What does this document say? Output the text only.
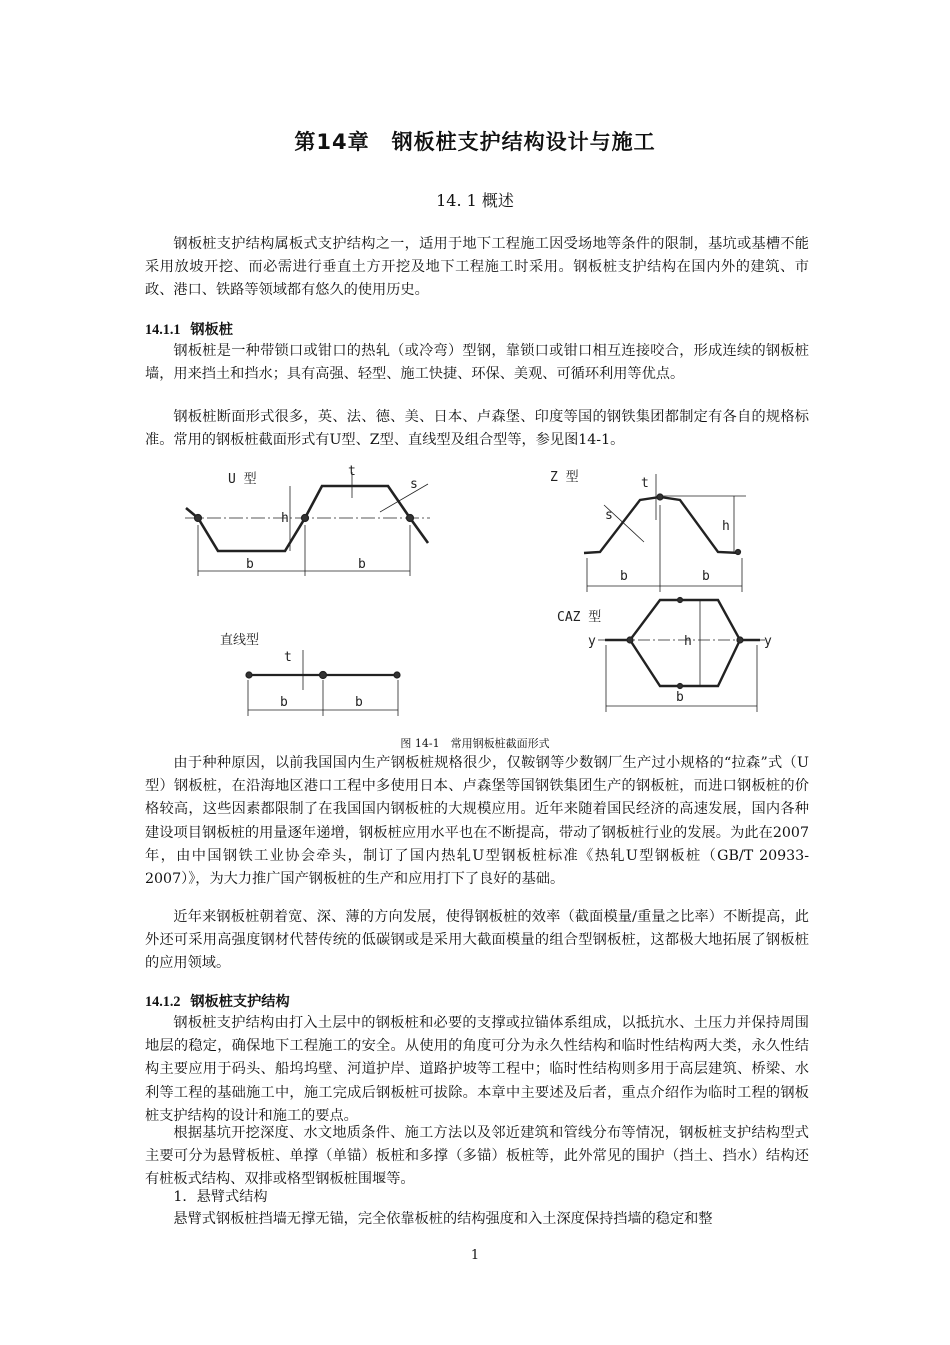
第14章　钢板桩支护结构设计与施工
14. 1 概述

钢板桩支护结构属板式支护结构之一，适用于地下工程施工因受场地等条件的限制，基坑或基槽不能采用放坡开挖、而必需进行垂直土方开挖及地下工程施工时采用。钢板桩支护结构在国内外的建筑、市政、港口、铁路等领域都有悠久的使用历史。

14.1.1 钢板桩

钢板桩是一种带锁口或钳口的热轧（或冷弯）型钢，靠锁口或钳口相互连接咬合，形成连续的钢板桩墙，用来挡土和挡水；具有高强、轻型、施工快捷、环保、美观、可循环利用等优点。

钢板桩断面形式很多，英、法、德、美、日本、卢森堡、印度等国的钢铁集团都制定有各自的规格标准。常用的钢板桩截面形式有U型、Z型、直线型及组合型等，参见图14-1。

U 型
t
s
h
b	b
Z 型	t
s
h
b	b
CAZ 型
y	y
h
b
直线型
t
b	b
图 14-1　常用钢板桩截面形式

由于种种原因，以前我国国内生产钢板桩规格很少，仅鞍钢等少数钢厂生产过小规格的“拉森”式（U型）钢板桩，在沿海地区港口工程中多使用日本、卢森堡等国钢铁集团生产的钢板桩，而进口钢板桩的价格较高，这些因素都限制了在我国国内钢板桩的大规模应用。近年来随着国民经济的高速发展，国内各种建设项目钢板桩的用量逐年递增，钢板桩应用水平也在不断提高，带动了钢板桩行业的发展。为此在2007年，由中国钢铁工业协会牵头，制订了国内热轧U型钢板桩标准《热轧U型钢板桩（GB/T 20933-2007）》，为大力推广国产钢板桩的生产和应用打下了良好的基础。

近年来钢板桩朝着宽、深、薄的方向发展，使得钢板桩的效率（截面模量/重量之比率）不断提高，此外还可采用高强度钢材代替传统的低碳钢或是采用大截面模量的组合型钢板桩，这都极大地拓展了钢板桩的应用领域。

14.1.2 钢板桩支护结构

钢板桩支护结构由打入土层中的钢板桩和必要的支撑或拉锚体系组成，以抵抗水、土压力并保持周围地层的稳定，确保地下工程施工的安全。从使用的角度可分为永久性结构和临时性结构两大类，永久性结构主要应用于码头、船坞坞壁、河道护岸、道路护坡等工程中；临时性结构则多用于高层建筑、桥梁、水利等工程的基础施工中，施工完成后钢板桩可拔除。本章中主要述及后者，重点介绍作为临时工程的钢板桩支护结构的设计和施工的要点。

根据基坑开挖深度、水文地质条件、施工方法以及邻近建筑和管线分布等情况，钢板桩支护结构型式主要可分为悬臂板桩、单撑（单锚）板桩和多撑（多锚）板桩等，此外常见的围护（挡土、挡水）结构还有桩板式结构、双排或格型钢板桩围堰等。

1．悬臂式结构

悬臂式钢板桩挡墙无撑无锚，完全依靠板桩的结构强度和入土深度保持挡墙的稳定和整

1
